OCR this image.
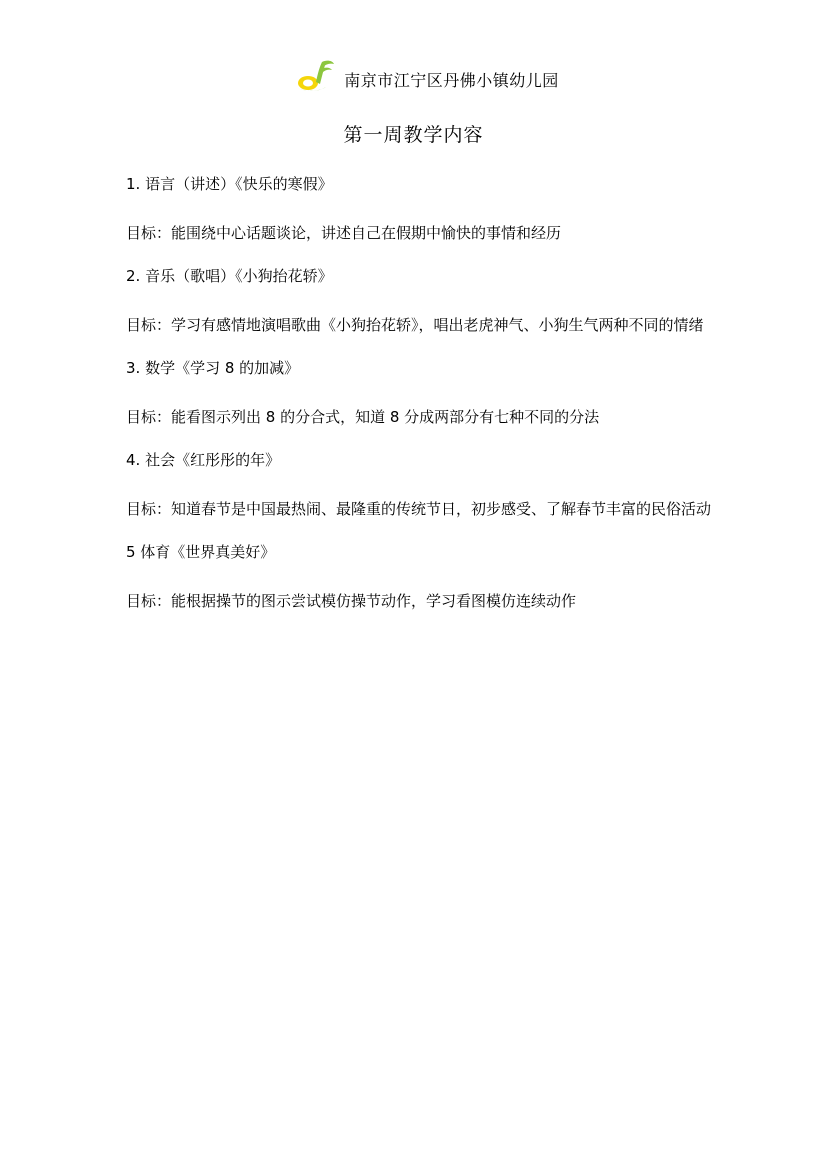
南京市江宁区丹佛小镇幼儿园
第一周教学内容

1. 语言（讲述）《快乐的寒假》

目标：能围绕中心话题谈论，讲述自己在假期中愉快的事情和经历

2. 音乐（歌唱）《小狗抬花轿》

目标：学习有感情地演唱歌曲《小狗抬花轿》，唱出老虎神气、小狗生气两种不同的情绪

3. 数学《学习 8 的加减》

目标：能看图示列出 8 的分合式，知道 8 分成两部分有七种不同的分法

4. 社会《红彤彤的年》

目标：知道春节是中国最热闹、最隆重的传统节日，初步感受、了解春节丰富的民俗活动

5 体育《世界真美好》

目标：能根据操节的图示尝试模仿操节动作，学习看图模仿连续动作
